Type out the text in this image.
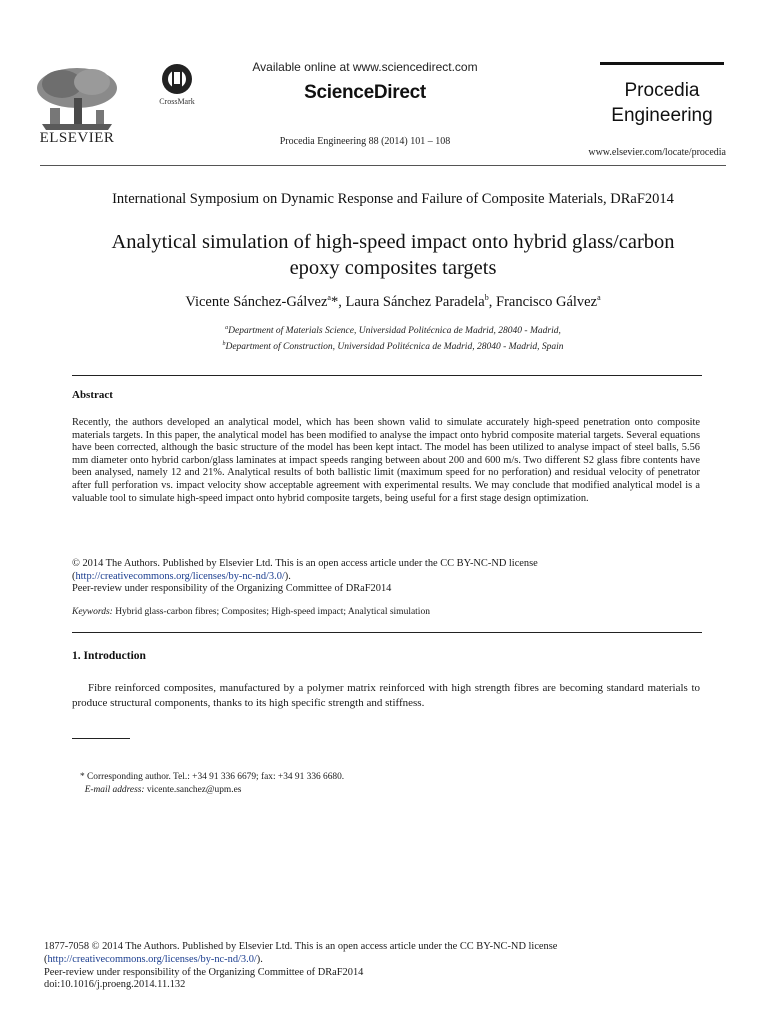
ELSEVIER
CrossMark
Available online at www.sciencedirect.com
ScienceDirect
Procedia Engineering 88 (2014) 101 – 108
Procedia
Engineering
www.elsevier.com/locate/procedia
International Symposium on Dynamic Response and Failure of Composite Materials, DRaF2014
Analytical simulation of high-speed impact onto hybrid glass/carbon
epoxy composites targets
Vicente Sánchez-Gálvez$^a$*, Laura Sánchez Paradela$^b$, Francisco Gálvez$^a$
$^a$Department of Materials Science, Universidad Politécnica de Madrid, 28040 - Madrid,
$^b$Department of Construction, Universidad Politécnica de Madrid, 28040 - Madrid, Spain
Abstract
Recently, the authors developed an analytical model, which has been shown valid to simulate accurately high-speed penetration onto composite materials targets. In this paper, the analytical model has been modified to analyse the impact onto hybrid composite material targets. Several equations have been corrected, although the basic structure of the model has been kept intact. The model has been utilized to analyse impact of steel balls, 5.56 mm diameter onto hybrid carbon/glass laminates at impact speeds ranging between about 200 and 600 m/s. Two different S2 glass fibre contents have been analysed, namely 12 and 21%. Analytical results of both ballistic limit (maximum speed for no perforation) and residual velocity of penetrator after full perforation vs. impact velocity show acceptable agreement with experimental results. We may conclude that modified analytical model is a valuable tool to simulate high-speed impact onto hybrid composite targets, being useful for a first stage design optimization.
© 2014 The Authors. Published by Elsevier Ltd. This is an open access article under the CC BY-NC-ND license
(http://creativecommons.org/licenses/by-nc-nd/3.0/).
Peer-review under responsibility of the Organizing Committee of DRaF2014
Keywords: Hybrid glass-carbon fibres; Composites; High-speed impact; Analytical simulation
1. Introduction
Fibre reinforced composites, manufactured by a polymer matrix reinforced with high strength fibres are becoming standard materials to produce structural components, thanks to its high specific strength and stiffness.
* Corresponding author. Tel.: +34 91 336 6679; fax: +34 91 336 6680.
E-mail address: vicente.sanchez@upm.es
1877-7058 © 2014 The Authors. Published by Elsevier Ltd. This is an open access article under the CC BY-NC-ND license
(http://creativecommons.org/licenses/by-nc-nd/3.0/).
Peer-review under responsibility of the Organizing Committee of DRaF2014
doi:10.1016/j.proeng.2014.11.132
